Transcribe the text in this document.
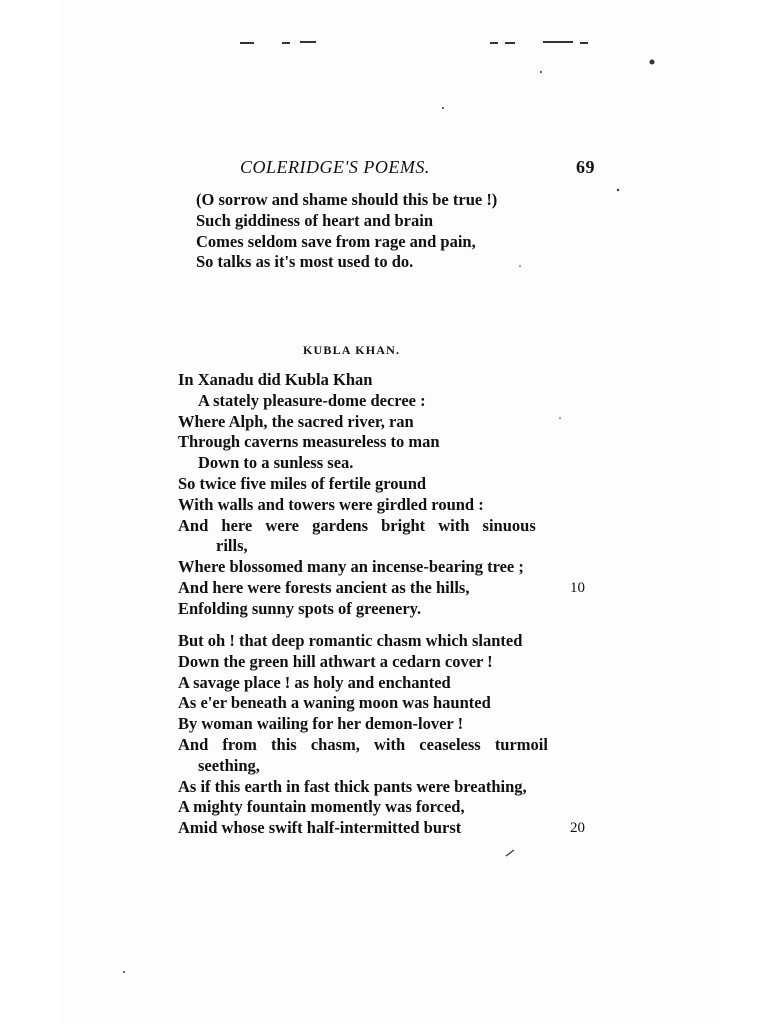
COLERIDGE'S POEMS.	69
(O sorrow and shame should this be true !)
Such giddiness of heart and brain
Comes seldom save from rage and pain,
So talks as it's most used to do.
KUBLA KHAN.
In Xanadu did Kubla Khan
A stately pleasure-dome decree :
Where Alph, the sacred river, ran
Through caverns measureless to man
Down to a sunless sea.
So twice five miles of fertile ground
With walls and towers were girdled round :
And here were gardens bright with sinuous
rills,
Where blossomed many an incense-bearing tree ;
And here were forests ancient as the hills,	10
Enfolding sunny spots of greenery.
But oh ! that deep romantic chasm which slanted
Down the green hill athwart a cedarn cover !
A savage place ! as holy and enchanted
As e'er beneath a waning moon was haunted
By woman wailing for her demon-lover !
And from this chasm, with ceaseless turmoil
seething,
As if this earth in fast thick pants were breathing,
A mighty fountain momently was forced,
Amid whose swift half-intermitted burst	20
